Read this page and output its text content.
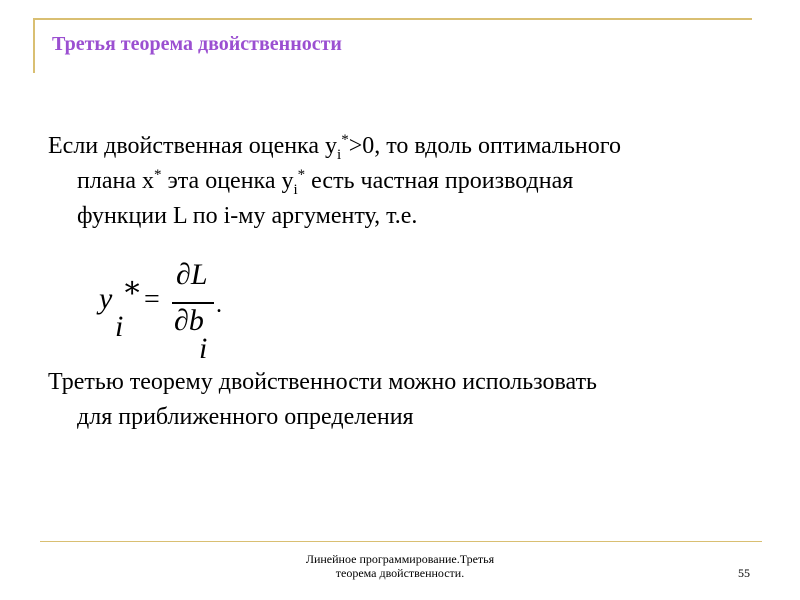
Третья теорема двойственности
Если двойственная оценка $y_i^*>0$, то вдоль оптимального
плана x* эта оценка $y_i^*$ есть частная производная
функции L по i-му аргументу, т.е.
y ∗
i
=
∂L
∂b
i
.
Третью теорему двойственности можно использовать
для приближенного определения
Линейное программирование.Третья
теорема двойственности.	55
